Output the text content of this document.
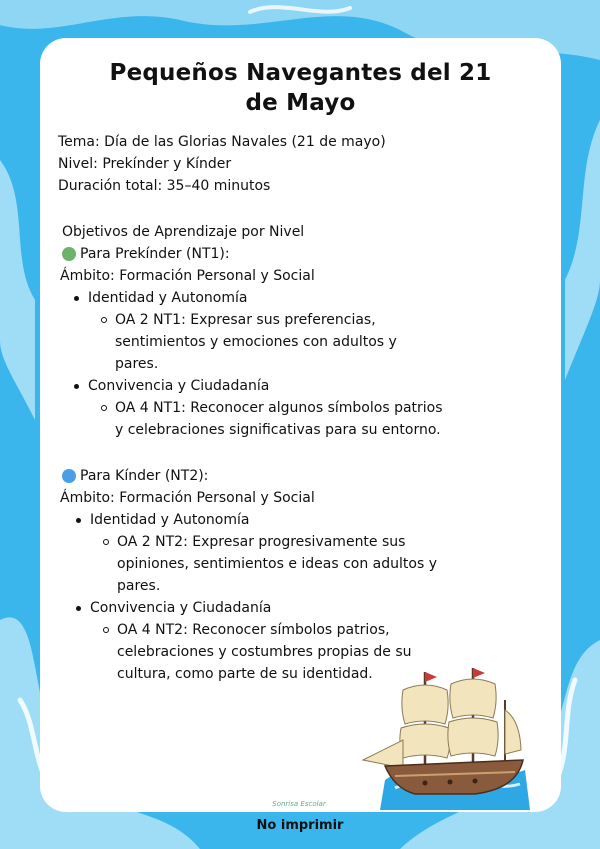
Pequeños Navegantes del 21
de Mayo
Tema: Día de las Glorias Navales (21 de mayo)
Nivel: Prekínder y Kínder
Duración total: 35–40 minutos
Objetivos de Aprendizaje por Nivel
Para Prekínder (NT1):
Ámbito: Formación Personal y Social
Identidad y Autonomía
OA 2 NT1: Expresar sus preferencias,
sentimientos y emociones con adultos y
pares.
Convivencia y Ciudadanía
OA 4 NT1: Reconocer algunos símbolos patrios
y celebraciones significativas para su entorno.
Para Kínder (NT2):
Ámbito: Formación Personal y Social
Identidad y Autonomía
OA 2 NT2: Expresar progresivamente sus
opiniones, sentimientos e ideas con adultos y
pares.
Convivencia y Ciudadanía
OA 4 NT2: Reconocer símbolos patrios,
celebraciones y costumbres propias de su
cultura, como parte de su identidad.
Sonrisa Escolar
No imprimir
